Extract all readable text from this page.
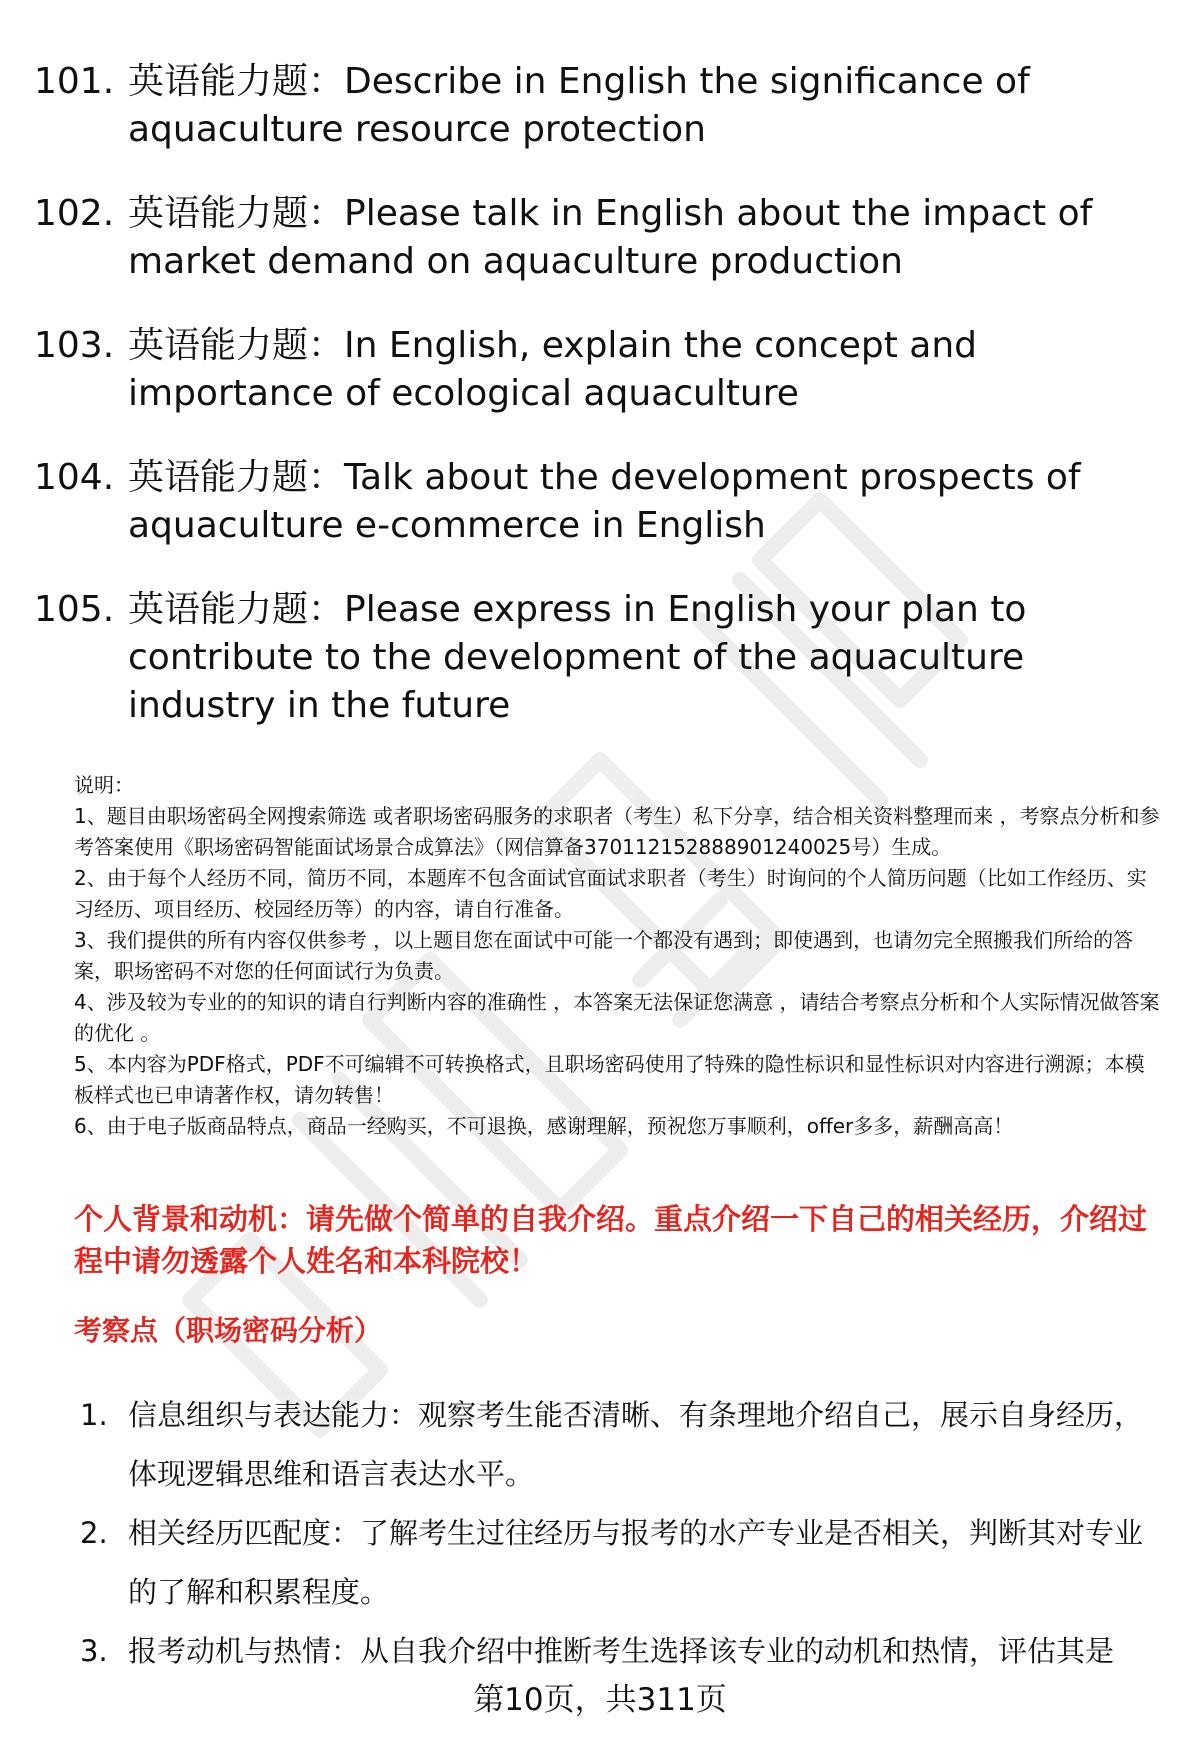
101. 英语能力题：Describe in English the significance of aquaculture resource protection
102. 英语能力题：Please talk in English about the impact of market demand on aquaculture production
103. 英语能力题：In English, explain the concept and importance of ecological aquaculture
104. 英语能力题：Talk about the development prospects of aquaculture e-commerce in English
105. 英语能力题：Please express in English your plan to contribute to the development of the aquaculture industry in the future

说明：

1、题目由职场密码全网搜索筛选 或者职场密码服务的求职者（考生）私下分享，结合相关资料整理而来 ，考察点分析和参考答案使用《职场密码智能面试场景合成算法》（网信算备370112152888901240025号）生成。

2、由于每个人经历不同，简历不同，本题库不包含面试官面试求职者（考生）时询问的个人简历问题（比如工作经历、实习经历、项目经历、校园经历等）的内容，请自行准备。

3、我们提供的所有内容仅供参考 ，以上题目您在面试中可能一个都没有遇到；即使遇到，也请勿完全照搬我们所给的答案，职场密码不对您的任何面试行为负责。

4、涉及较为专业的的知识的请自行判断内容的准确性 ，本答案无法保证您满意 ，请结合考察点分析和个人实际情况做答案的优化 。

5、本内容为PDF格式，PDF不可编辑不可转换格式，且职场密码使用了特殊的隐性标识和显性标识对内容进行溯源；本模板样式也已申请著作权，请勿转售！

6、由于电子版商品特点，商品一经购买，不可退换，感谢理解，预祝您万事顺利，offer多多，薪酬高高！

个人背景和动机：请先做个简单的自我介绍。重点介绍一下自己的相关经历，介绍过程中请勿透露个人姓名和本科院校！
考察点（职场密码分析）
1. 信息组织与表达能力：观察考生能否清晰、有条理地介绍自己，展示自身经历，体现逻辑思维和语言表达水平。
2. 相关经历匹配度：了解考生过往经历与报考的水产专业是否相关，判断其对专业的了解和积累程度。
3. 报考动机与热情：从自我介绍中推断考生选择该专业的动机和热情，评估其是
第10页，共311页
